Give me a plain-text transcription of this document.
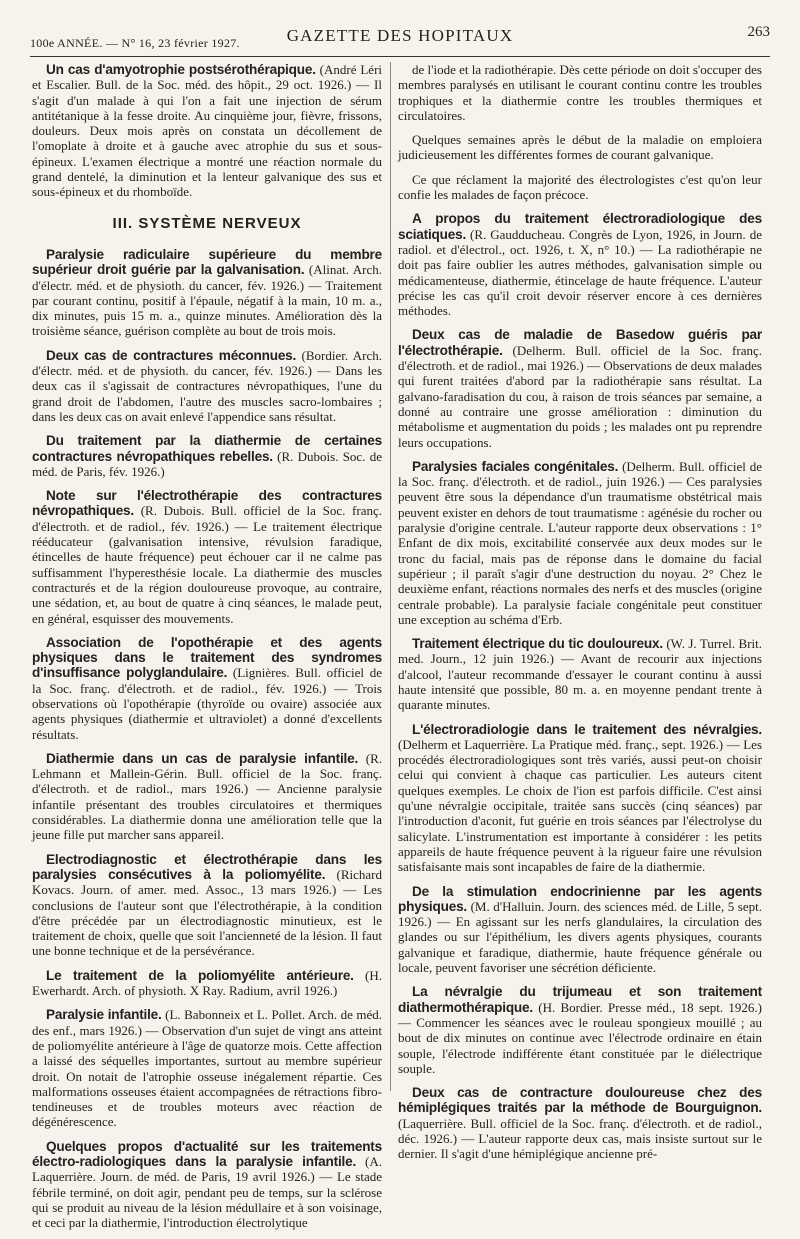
100e ANNÉE. — N° 16, 23 février 1927.	GAZETTE DES HOPITAUX	263

Un cas d'amyotrophie postsérothérapique. (André Léri et Escalier. Bull. de la Soc. méd. des hôpit., 29 oct. 1926.) — Il s'agit d'un malade à qui l'on a fait une injection de sérum antitétanique à la fesse droite. Au cinquième jour, fièvre, frissons, douleurs. Deux mois après on constata un décollement de l'omoplate à droite et à gauche avec atrophie du sus et sous-épineux. L'examen électrique a montré une réaction normale du grand dentelé, la diminution et la lenteur galvanique des sus et sous-épineux et du rhomboïde.

III. SYSTÈME NERVEUX

Paralysie radiculaire supérieure du membre supérieur droit guérie par la galvanisation. (Alinat. Arch. d'électr. méd. et de physioth. du cancer, fév. 1926.) — Traitement par courant continu, positif à l'épaule, négatif à la main, 10 m. a., dix minutes, puis 15 m. a., quinze minutes. Amélioration dès la troisième séance, guérison complète au bout de trois mois.

Deux cas de contractures méconnues. (Bordier. Arch. d'électr. méd. et de physioth. du cancer, fév. 1926.) — Dans les deux cas il s'agissait de contractures névropathiques, l'une du grand droit de l'abdomen, l'autre des muscles sacro-lombaires ; dans les deux cas on avait enlevé l'appendice sans résultat.

Du traitement par la diathermie de certaines contractures névropathiques rebelles. (R. Dubois. Soc. de méd. de Paris, fév. 1926.)

Note sur l'électrothérapie des contractures névropathiques. (R. Dubois. Bull. officiel de la Soc. franç. d'électroth. et de radiol., fév. 1926.) — Le traitement électrique rééducateur (galvanisation intensive, révulsion faradique, étincelles de haute fréquence) peut échouer car il ne calme pas suffisamment l'hyperesthésie locale. La diathermie des muscles contracturés et de la région douloureuse provoque, au contraire, une sédation, et, au bout de quatre à cinq séances, le malade peut, en général, esquisser des mouvements.

Association de l'opothérapie et des agents physiques dans le traitement des syndromes d'insuffisance polyglandulaire. (Lignières. Bull. officiel de la Soc. franç. d'électroth. et de radiol., fév. 1926.) — Trois observations où l'opothérapie (thyroïde ou ovaire) associée aux agents physiques (diathermie et ultraviolet) a donné d'excellents résultats.

Diathermie dans un cas de paralysie infantile. (R. Lehmann et Mallein-Gérin. Bull. officiel de la Soc. franç. d'électroth. et de radiol., mars 1926.) — Ancienne paralysie infantile présentant des troubles circulatoires et thermiques considérables. La diathermie donna une amélioration telle que la jeune fille put marcher sans appareil.

Electrodiagnostic et électrothérapie dans les paralysies consécutives à la poliomyélite. (Richard Kovacs. Journ. of amer. med. Assoc., 13 mars 1926.) — Les conclusions de l'auteur sont que l'électrothérapie, à la condition d'être précédée par un électrodiagnostic minutieux, est le traitement de choix, quelle que soit l'ancienneté de la lésion. Il faut une bonne technique et de la persévérance.

Le traitement de la poliomyélite antérieure. (H. Ewerhardt. Arch. of physioth. X Ray. Radium, avril 1926.)

Paralysie infantile. (L. Babonneix et L. Pollet. Arch. de méd. des enf., mars 1926.) — Observation d'un sujet de vingt ans atteint de poliomyélite antérieure à l'âge de quatorze mois. Cette affection a laissé des séquelles importantes, surtout au membre supérieur droit. On notait de l'atrophie osseuse inégalement répartie. Ces malformations osseuses étaient accompagnées de rétractions fibro-tendineuses et de troubles moteurs avec réaction de dégénérescence.

Quelques propos d'actualité sur les traitements électro-radiologiques dans la paralysie infantile. (A. Laquerrière. Journ. de méd. de Paris, 19 avril 1926.) — Le stade fébrile terminé, on doit agir, pendant peu de temps, sur la sclérose qui se produit au niveau de la lésion médullaire et à son voisinage, et ceci par la diathermie, l'introduction électrolytique

de l'iode et la radiothérapie. Dès cette période on doit s'occuper des membres paralysés en utilisant le courant continu contre les troubles trophiques et la diathermie contre les troubles thermiques et circulatoires.

Quelques semaines après le début de la maladie on emploiera judicieusement les différentes formes de courant galvanique.

Ce que réclament la majorité des électrologistes c'est qu'on leur confie les malades de façon précoce.

A propos du traitement électroradiologique des sciatiques. (R. Gaudducheau. Congrès de Lyon, 1926, in Journ. de radiol. et d'électrol., oct. 1926, t. X, n° 10.) — La radiothérapie ne doit pas faire oublier les autres méthodes, galvanisation simple ou médicamenteuse, diathermie, étincelage de haute fréquence. L'auteur précise les cas qu'il croit devoir réserver encore à ces dernières méthodes.

Deux cas de maladie de Basedow guéris par l'électrothérapie. (Delherm. Bull. officiel de la Soc. franç. d'électroth. et de radiol., mai 1926.) — Observations de deux malades qui furent traitées d'abord par la radiothérapie sans résultat. La galvano-faradisation du cou, à raison de trois séances par semaine, a donné au contraire une grosse amélioration : diminution du métabolisme et augmentation du poids ; les malades ont pu reprendre leurs occupations.

Paralysies faciales congénitales. (Delherm. Bull. officiel de la Soc. franç. d'électroth. et de radiol., juin 1926.) — Ces paralysies peuvent être sous la dépendance d'un traumatisme obstétrical mais peuvent exister en dehors de tout traumatisme : agénésie du rocher ou paralysie d'origine centrale. L'auteur rapporte deux observations : 1° Enfant de dix mois, excitabilité conservée aux deux modes sur le tronc du facial, mais pas de réponse dans le domaine du facial supérieur ; il paraît s'agir d'une destruction du noyau. 2° Chez le deuxième enfant, réactions normales des nerfs et des muscles (origine centrale probable). La paralysie faciale congénitale peut constituer une exception au schéma d'Erb.

Traitement électrique du tic douloureux. (W. J. Turrel. Brit. med. Journ., 12 juin 1926.) — Avant de recourir aux injections d'alcool, l'auteur recommande d'essayer le courant continu à aussi haute intensité que possible, 80 m. a. en moyenne pendant trente à quarante minutes.

L'électroradiologie dans le traitement des névralgies. (Delherm et Laquerrière. La Pratique méd. franç., sept. 1926.) — Les procédés électroradiologiques sont très variés, aussi peut-on choisir celui qui convient à chaque cas particulier. Les auteurs citent quelques exemples. Le choix de l'ion est parfois difficile. C'est ainsi qu'une névralgie occipitale, traitée sans succès (cinq séances) par l'introduction d'aconit, fut guérie en trois séances par l'électrolyse du salicylate. L'instrumentation est importante à considérer : les petits appareils de haute fréquence peuvent à la rigueur faire une révulsion satisfaisante mais sont incapables de faire de la diathermie.

De la stimulation endocrinienne par les agents physiques. (M. d'Halluin. Journ. des sciences méd. de Lille, 5 sept. 1926.) — En agissant sur les nerfs glandulaires, la circulation des glandes ou sur l'épithélium, les divers agents physiques, courants galvanique et faradique, diathermie, haute fréquence générale ou locale, peuvent favoriser une sécrétion déficiente.

La névralgie du trijumeau et son traitement diathermothérapique. (H. Bordier. Presse méd., 18 sept. 1926.) — Commencer les séances avec le rouleau spongieux mouillé ; au bout de dix minutes on continue avec l'électrode ordinaire en étain souple, l'électrode indifférente étant constituée par le diélectrique souple.

Deux cas de contracture douloureuse chez des hémiplégiques traités par la méthode de Bourguignon. (Laquerrière. Bull. officiel de la Soc. franç. d'électroth. et de radiol., déc. 1926.) — L'auteur rapporte deux cas, mais insiste surtout sur le dernier. Il s'agit d'une hémiplégique ancienne pré-
